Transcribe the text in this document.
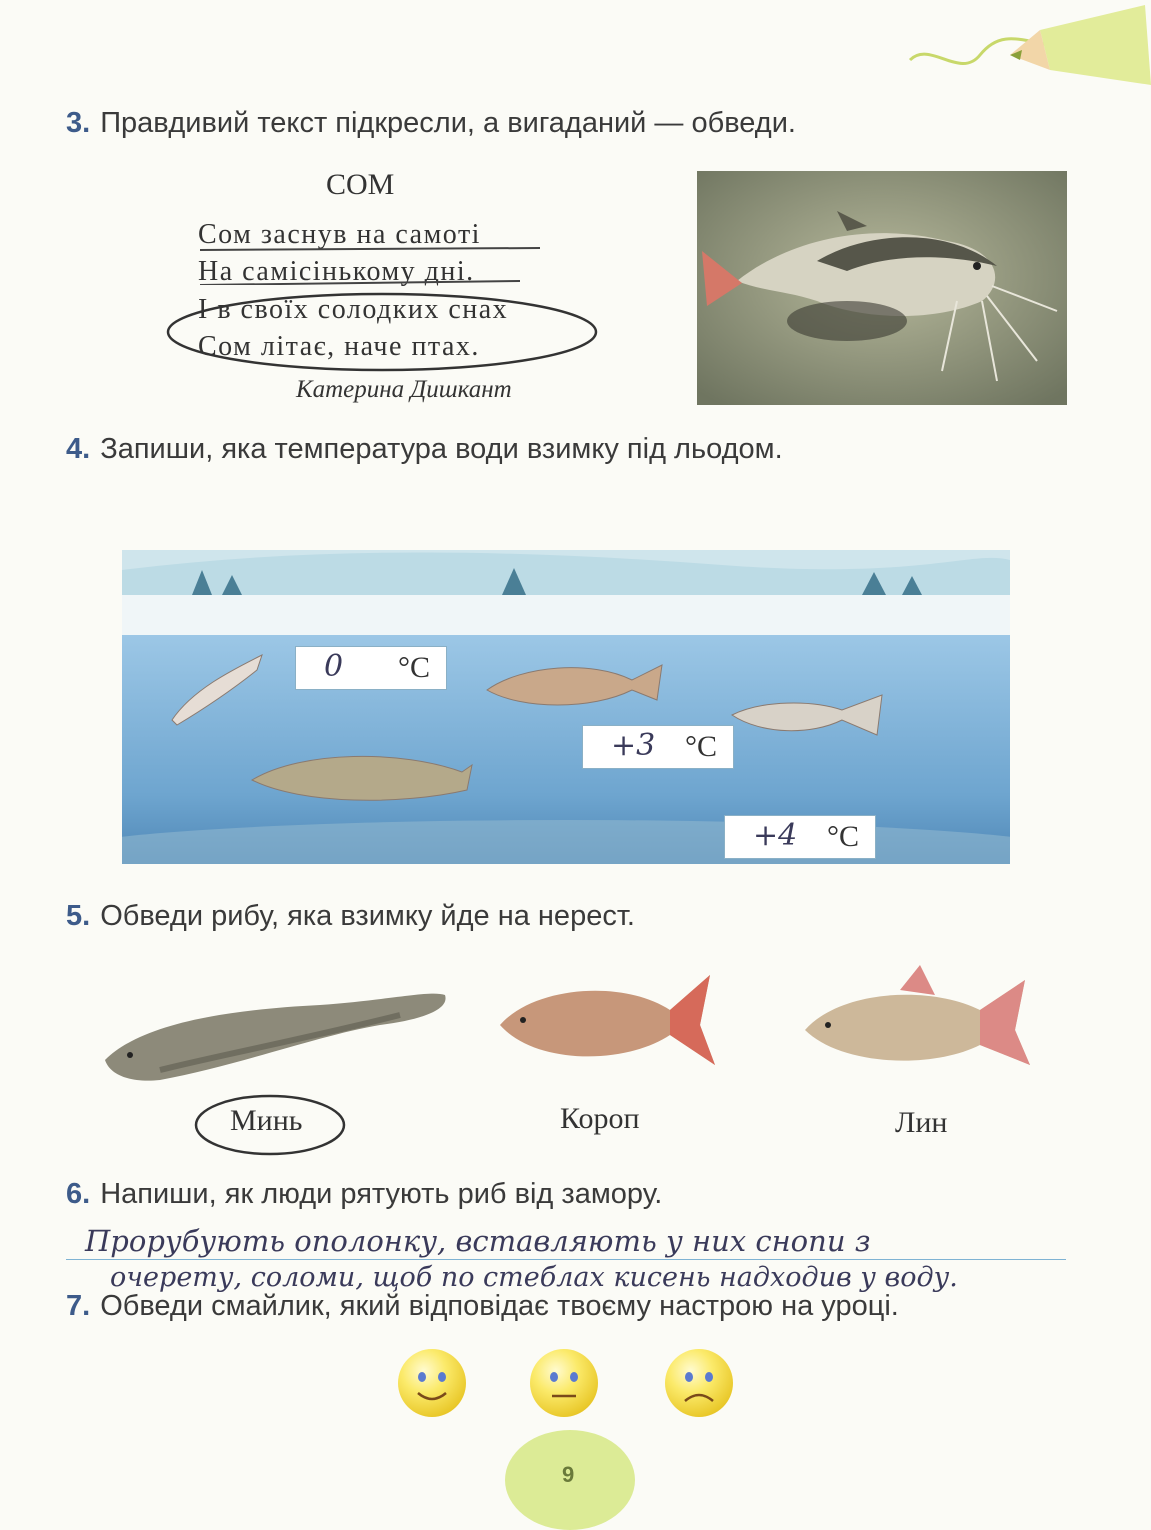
3. Правдивий текст підкресли, а вигаданий — обведи.
СОМ
Сом заснув на самоті
На самісінькому дні.
І в своїх солодких снах
Сом літає, наче птах.
Катерина Дишкант
4. Запиши, яка температура води взимку під льодом.
0 °C
+3 °C
+4 °C
5. Обведи рибу, яка взимку йде на нерест.
Минь	Короп	Лин
6. Напиши, як люди рятують риб від замору.
Прорубують ополонку, вставляють у них снопи з
очерету, соломи, щоб по стеблах кисень надходив у воду.
7. Обведи смайлик, який відповідає твоєму настрою на уроці.
9
